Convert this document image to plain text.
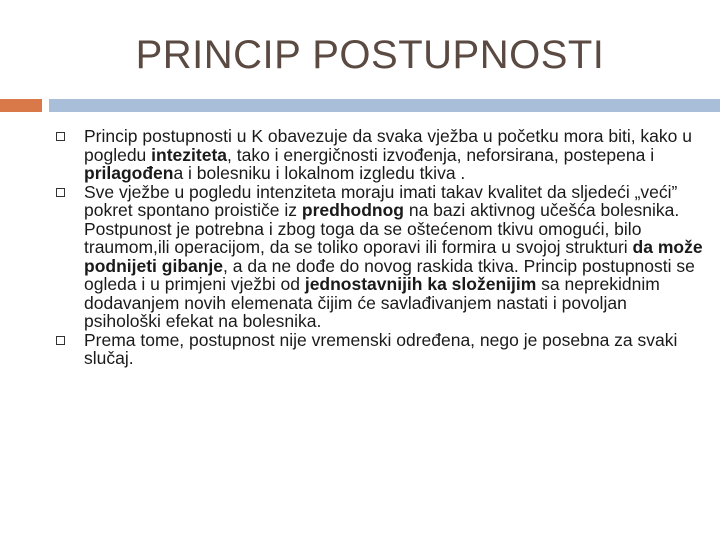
PRINCIP POSTUPNOSTI
Princip postupnosti u K obavezuje da svaka vježba u početku mora biti, kako u pogledu inteziteta, tako i energičnosti izvođenja, neforsirana, postepena i prilagođena i bolesniku i lokalnom izgledu tkiva .
Sve vježbe u pogledu intenziteta moraju imati takav kvalitet da sljedeći „veći” pokret spontano proističe iz predhodnog na bazi aktivnog učešća bolesnika. Postpunost je potrebna i zbog toga da se oštećenom tkivu omogući, bilo traumom,ili operacijom, da se toliko oporavi ili formira u svojoj strukturi da može podnijeti gibanje, a da ne dođe do novog raskida tkiva. Princip postupnosti se ogleda i u primjeni vježbi od jednostavnijih ka složenijim sa neprekidnim dodavanjem novih elemenata čijim će savlađivanjem nastati i povoljan psihološki efekat na bolesnika.
Prema tome, postupnost nije vremenski određena, nego je posebna za svaki slučaj.
